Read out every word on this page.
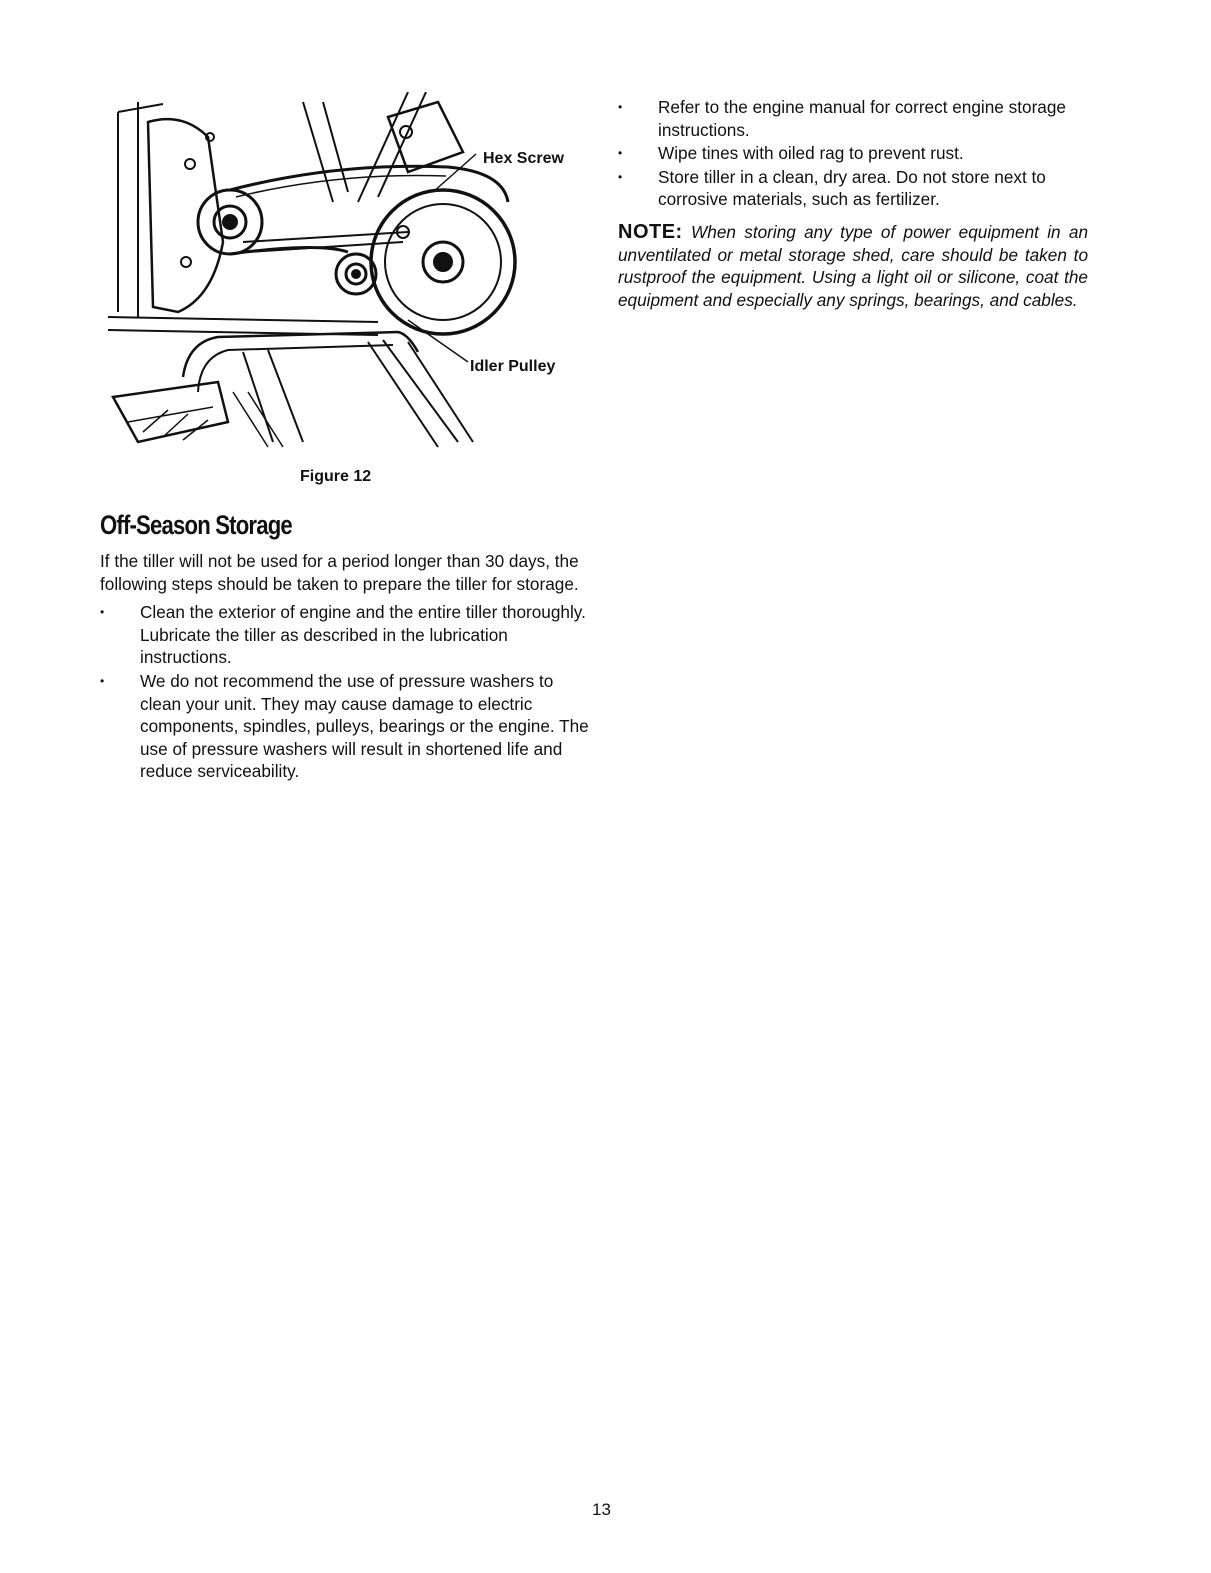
Hex Screw
Idler Pulley
Figure 12
Off-Season Storage

If the tiller will not be used for a period longer than 30 days, the following steps should be taken to prepare the tiller for storage.

• Clean the exterior of engine and the entire tiller thoroughly. Lubricate the tiller as described in the lubrication instructions.
• We do not recommend the use of pressure washers to clean your unit. They may cause damage to electric components, spindles, pulleys, bearings or the engine. The use of pressure washers will result in shortened life and reduce serviceability.
• Refer to the engine manual for correct engine storage instructions.
• Wipe tines with oiled rag to prevent rust.
• Store tiller in a clean, dry area. Do not store next to corrosive materials, such as fertilizer.
NOTE: When storing any type of power equipment in an unventilated or metal storage shed, care should be taken to rustproof the equipment. Using a light oil or silicone, coat the equipment and especially any springs, bearings, and cables.
13
